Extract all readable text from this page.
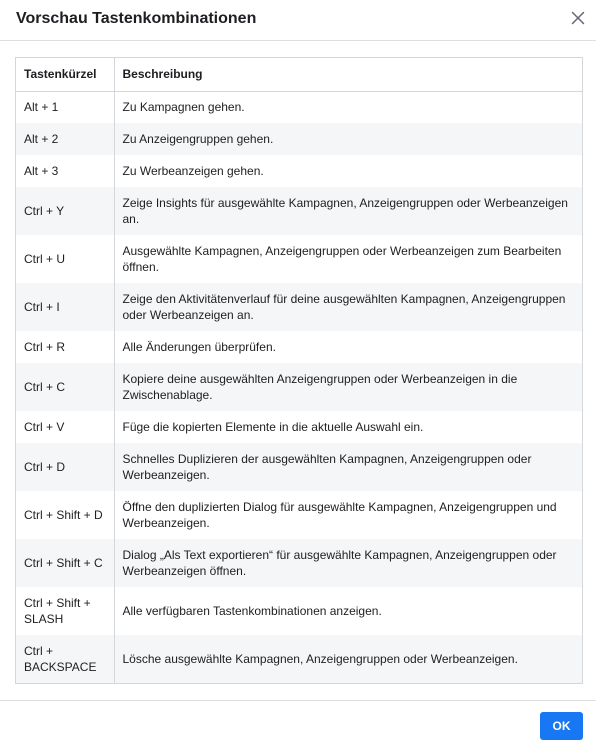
Vorschau Tastenkombinationen
Tastenkürzel	Beschreibung
Alt + 1	Zu Kampagnen gehen.
Alt + 2	Zu Anzeigengruppen gehen.
Alt + 3	Zu Werbeanzeigen gehen.
Ctrl + Y	Zeige Insights für ausgewählte Kampagnen, Anzeigengruppen oder Werbeanzeigen an.
Ctrl + U	Ausgewählte Kampagnen, Anzeigengruppen oder Werbeanzeigen zum Bearbeiten öffnen.
Ctrl + I	Zeige den Aktivitätenverlauf für deine ausgewählten Kampagnen, Anzeigengruppen oder Werbeanzeigen an.
Ctrl + R	Alle Änderungen überprüfen.
Ctrl + C	Kopiere deine ausgewählten Anzeigengruppen oder Werbeanzeigen in die Zwischenablage.
Ctrl + V	Füge die kopierten Elemente in die aktuelle Auswahl ein.
Ctrl + D	Schnelles Duplizieren der ausgewählten Kampagnen, Anzeigengruppen oder Werbeanzeigen.
Ctrl + Shift + D	Öffne den duplizierten Dialog für ausgewählte Kampagnen, Anzeigengruppen und Werbeanzeigen.
Ctrl + Shift + C	Dialog „Als Text exportieren“ für ausgewählte Kampagnen, Anzeigengruppen oder Werbeanzeigen öffnen.
Ctrl + Shift + SLASH	Alle verfügbaren Tastenkombinationen anzeigen.
Ctrl + BACKSPACE	Lösche ausgewählte Kampagnen, Anzeigengruppen oder Werbeanzeigen.
OK
